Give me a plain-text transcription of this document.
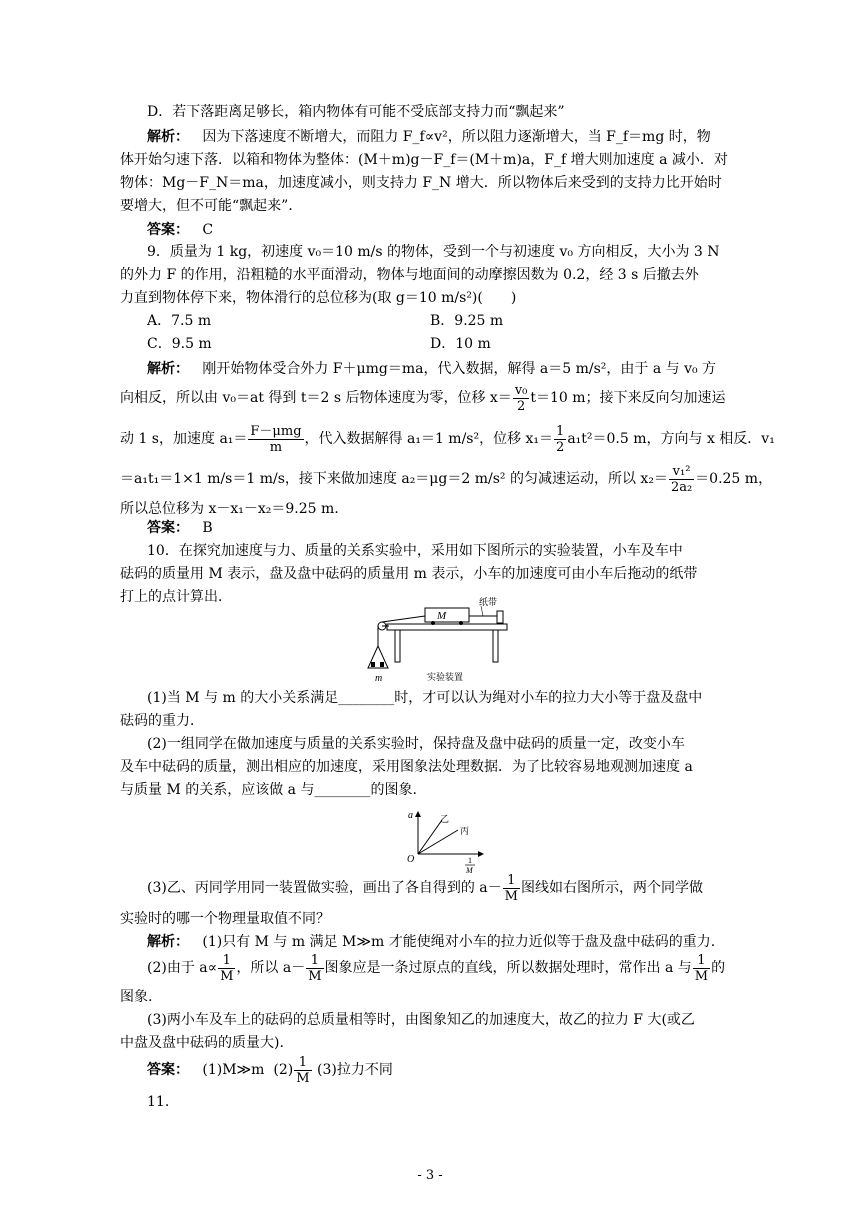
D．若下落距离足够长，箱内物体有可能不受底部支持力而“飘起来”
解析： 因为下落速度不断增大，而阻力 F_f∝v²，所以阻力逐渐增大，当 F_f＝mg 时，物
体开始匀速下落．以箱和物体为整体：(M＋m)g－F_f＝(M＋m)a，F_f 增大则加速度 a 减小．对
物体：Mg－F_N＝ma，加速度减小，则支持力 F_N 增大．所以物体后来受到的支持力比开始时
要增大，但不可能“飘起来”．
答案： C
9．质量为 1 kg，初速度 v₀＝10 m/s 的物体，受到一个与初速度 v₀ 方向相反，大小为 3 N
的外力 F 的作用，沿粗糙的水平面滑动，物体与地面间的动摩擦因数为 0.2，经 3 s 后撤去外
力直到物体停下来，物体滑行的总位移为(取 g＝10 m/s²)(　　)
A．7.5 m	B．9.25 m
C．9.5 m	D．10 m
解析： 刚开始物体受合外力 F＋μmg＝ma，代入数据，解得 a＝5 m/s²，由于 a 与 v₀ 方
向相反，所以由 v₀＝at 得到 t＝2 s 后物体速度为零，位移 $x= \frac{\text{v₀}}{2} t=10$ m；接下来反向匀加速运
动 1 s，加速度 $a_1= \frac{\text{F－μmg}}{m}$ ，代入数据解得 a₁＝1 m/s²，位移 $x_1= \frac{1}{2} a_1t^2=0.5$ m，方向与 x 相反．v₁
＝a₁t₁＝1×1 m/s＝1 m/s，接下来做加速度 a₂＝μg＝2 m/s² 的匀减速运动，所以 $x_2= \frac{\text{v₁²}}{\text{2a₂}} =0.25$ m，
所以总位移为 x－x₁－x₂＝9.25 m.
答案： B
10．在探究加速度与力、质量的关系实验中，采用如下图所示的实验装置，小车及车中
砝码的质量用 M 表示，盘及盘中砝码的质量用 m 表示，小车的加速度可由小车后拖动的纸带
打上的点计算出．
M
纸带
m	实验装置
(1)当 M 与 m 的大小关系满足________时，才可以认为绳对小车的拉力大小等于盘及盘中
砝码的重力．
(2)一组同学在做加速度与质量的关系实验时，保持盘及盘中砝码的质量一定，改变小车
及车中砝码的质量，测出相应的加速度，采用图象法处理数据．为了比较容易地观测加速度 a
与质量 M 的关系，应该做 a 与________的图象.
a
O
乙
丙
1
M
(3)乙、丙同学用同一装置做实验，画出了各自得到的 $a- \frac{1}{M}$ 图线如右图所示，两个同学做
实验时的哪一个物理量取值不同？
解析： (1)只有 M 与 m 满足 M≫m 才能使绳对小车的拉力近似等于盘及盘中砝码的重力.
(2)由于 $a\propto \frac{1}{M}$ ，所以 $a- \frac{1}{M}$ 图象应是一条过原点的直线，所以数据处理时，常作出 a 与 $\frac{1}{M}$ 的
图象.
(3)两小车及车上的砝码的总质量相等时，由图象知乙的加速度大，故乙的拉力 F 大(或乙
中盘及盘中砝码的质量大).
答案： (1)M≫m $(2) \frac{1}{M} (3)$拉力不同
11.
- 3 -
